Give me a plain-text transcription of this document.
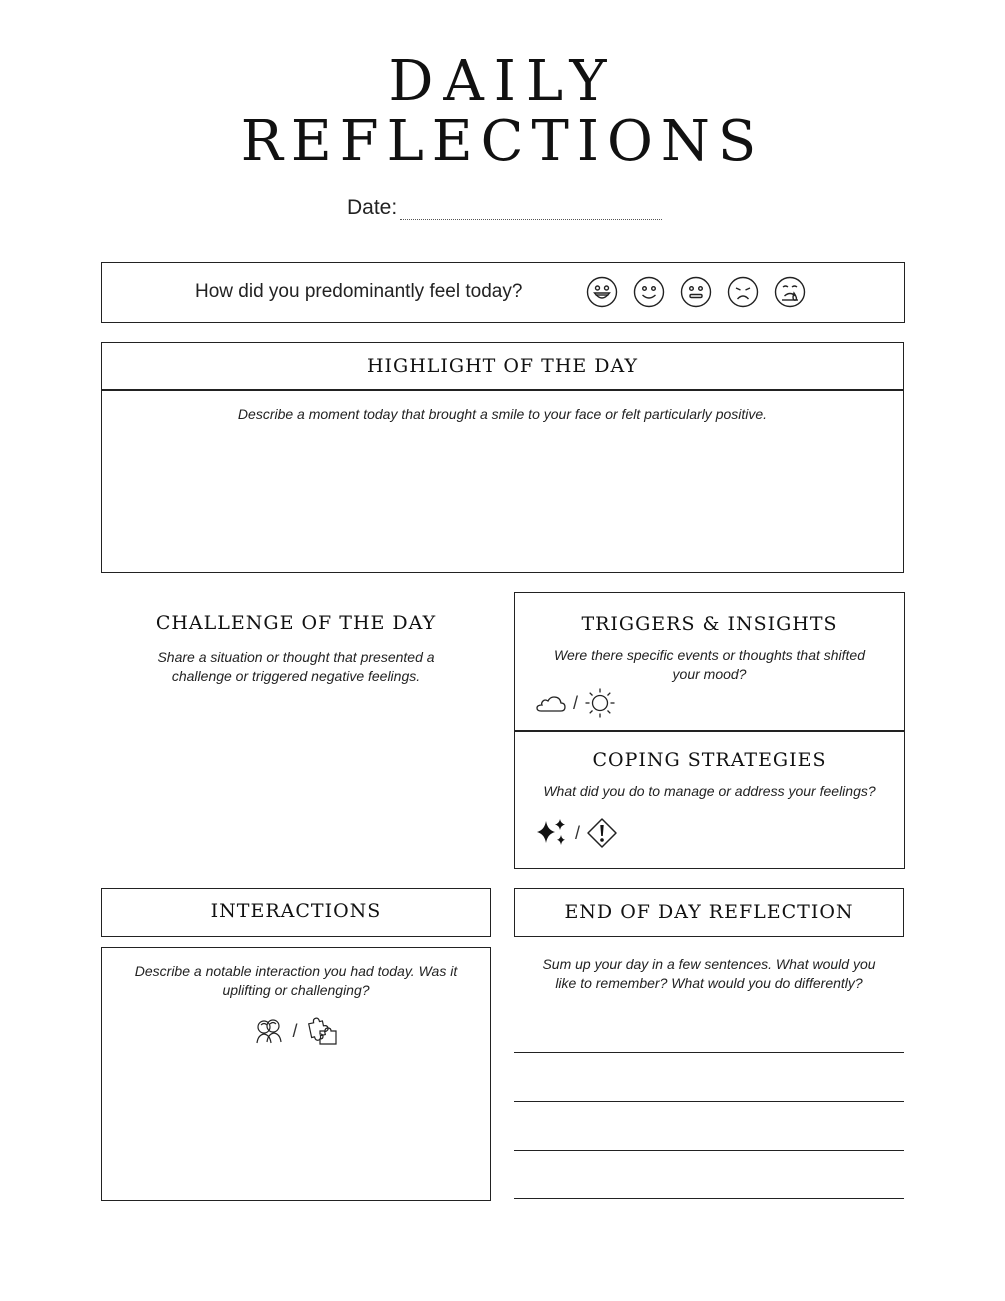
DAILY
REFLECTIONS
Date:
How did you predominantly feel today?
HIGHLIGHT OF THE DAY
Describe a moment today that brought a smile to your face or felt particularly positive.
CHALLENGE OF THE DAY
Share a situation or thought that presented a challenge or triggered negative feelings.
TRIGGERS & INSIGHTS
Were there specific events or thoughts that shifted your mood?
/
COPING STRATEGIES
What did you do to manage or address your feelings?
/
INTERACTIONS
Describe a notable interaction you had today. Was it uplifting or challenging?
/
END OF DAY REFLECTION
Sum up your day in a few sentences. What would you like to remember? What would you do differently?
